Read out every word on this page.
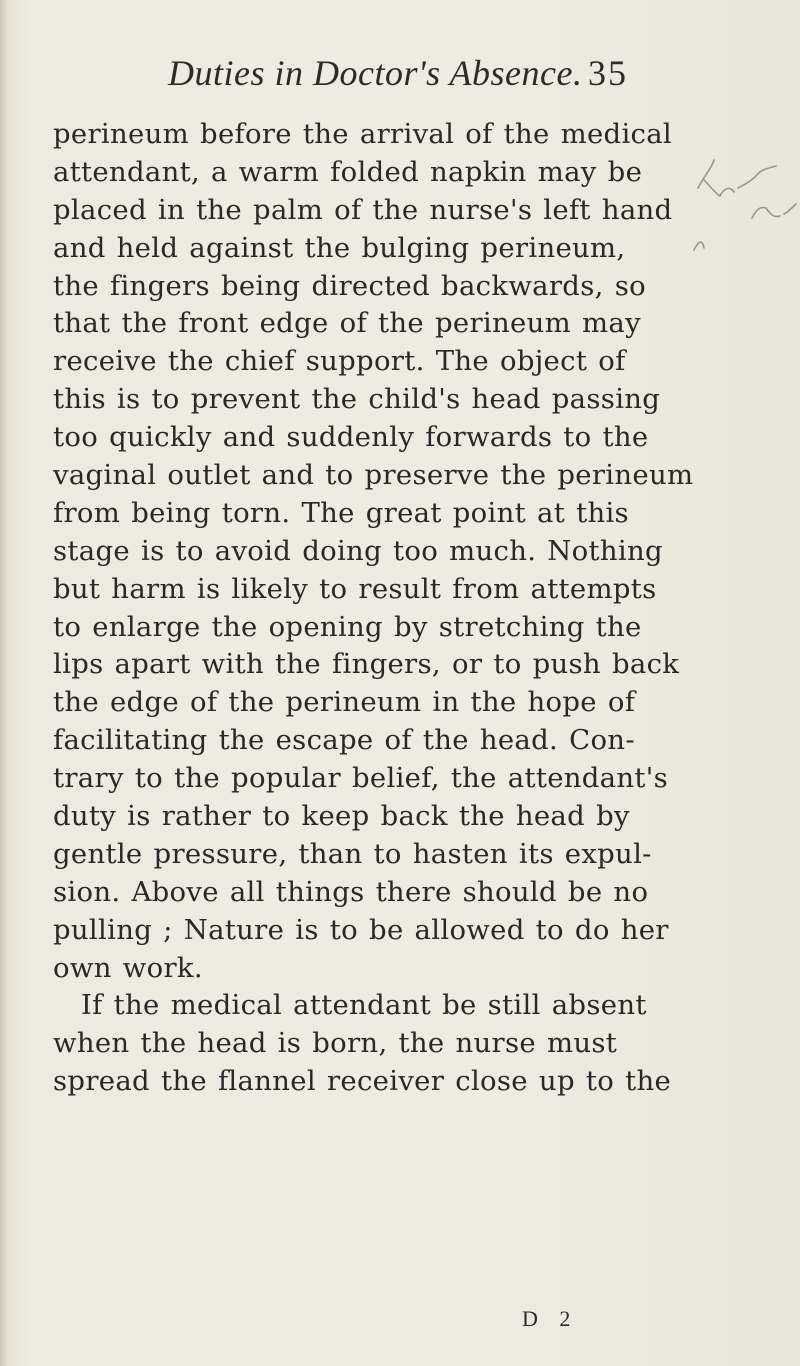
Duties in Doctor's Absence. 35
perineum before the arrival of the medical
attendant, a warm folded napkin may be
placed in the palm of the nurse's left hand
and held against the bulging perineum,
the fingers being directed backwards, so
that the front edge of the perineum may
receive the chief support. The object of
this is to prevent the child's head passing
too quickly and suddenly forwards to the
vaginal outlet and to preserve the perineum
from being torn. The great point at this
stage is to avoid doing too much. Nothing
but harm is likely to result from attempts
to enlarge the opening by stretching the
lips apart with the fingers, or to push back
the edge of the perineum in the hope of
facilitating the escape of the head. Con-
trary to the popular belief, the attendant's
duty is rather to keep back the head by
gentle pressure, than to hasten its expul-
sion. Above all things there should be no
pulling ; Nature is to be allowed to do her
own work.
If the medical attendant be still absent
when the head is born, the nurse must
spread the flannel receiver close up to the
D 2
